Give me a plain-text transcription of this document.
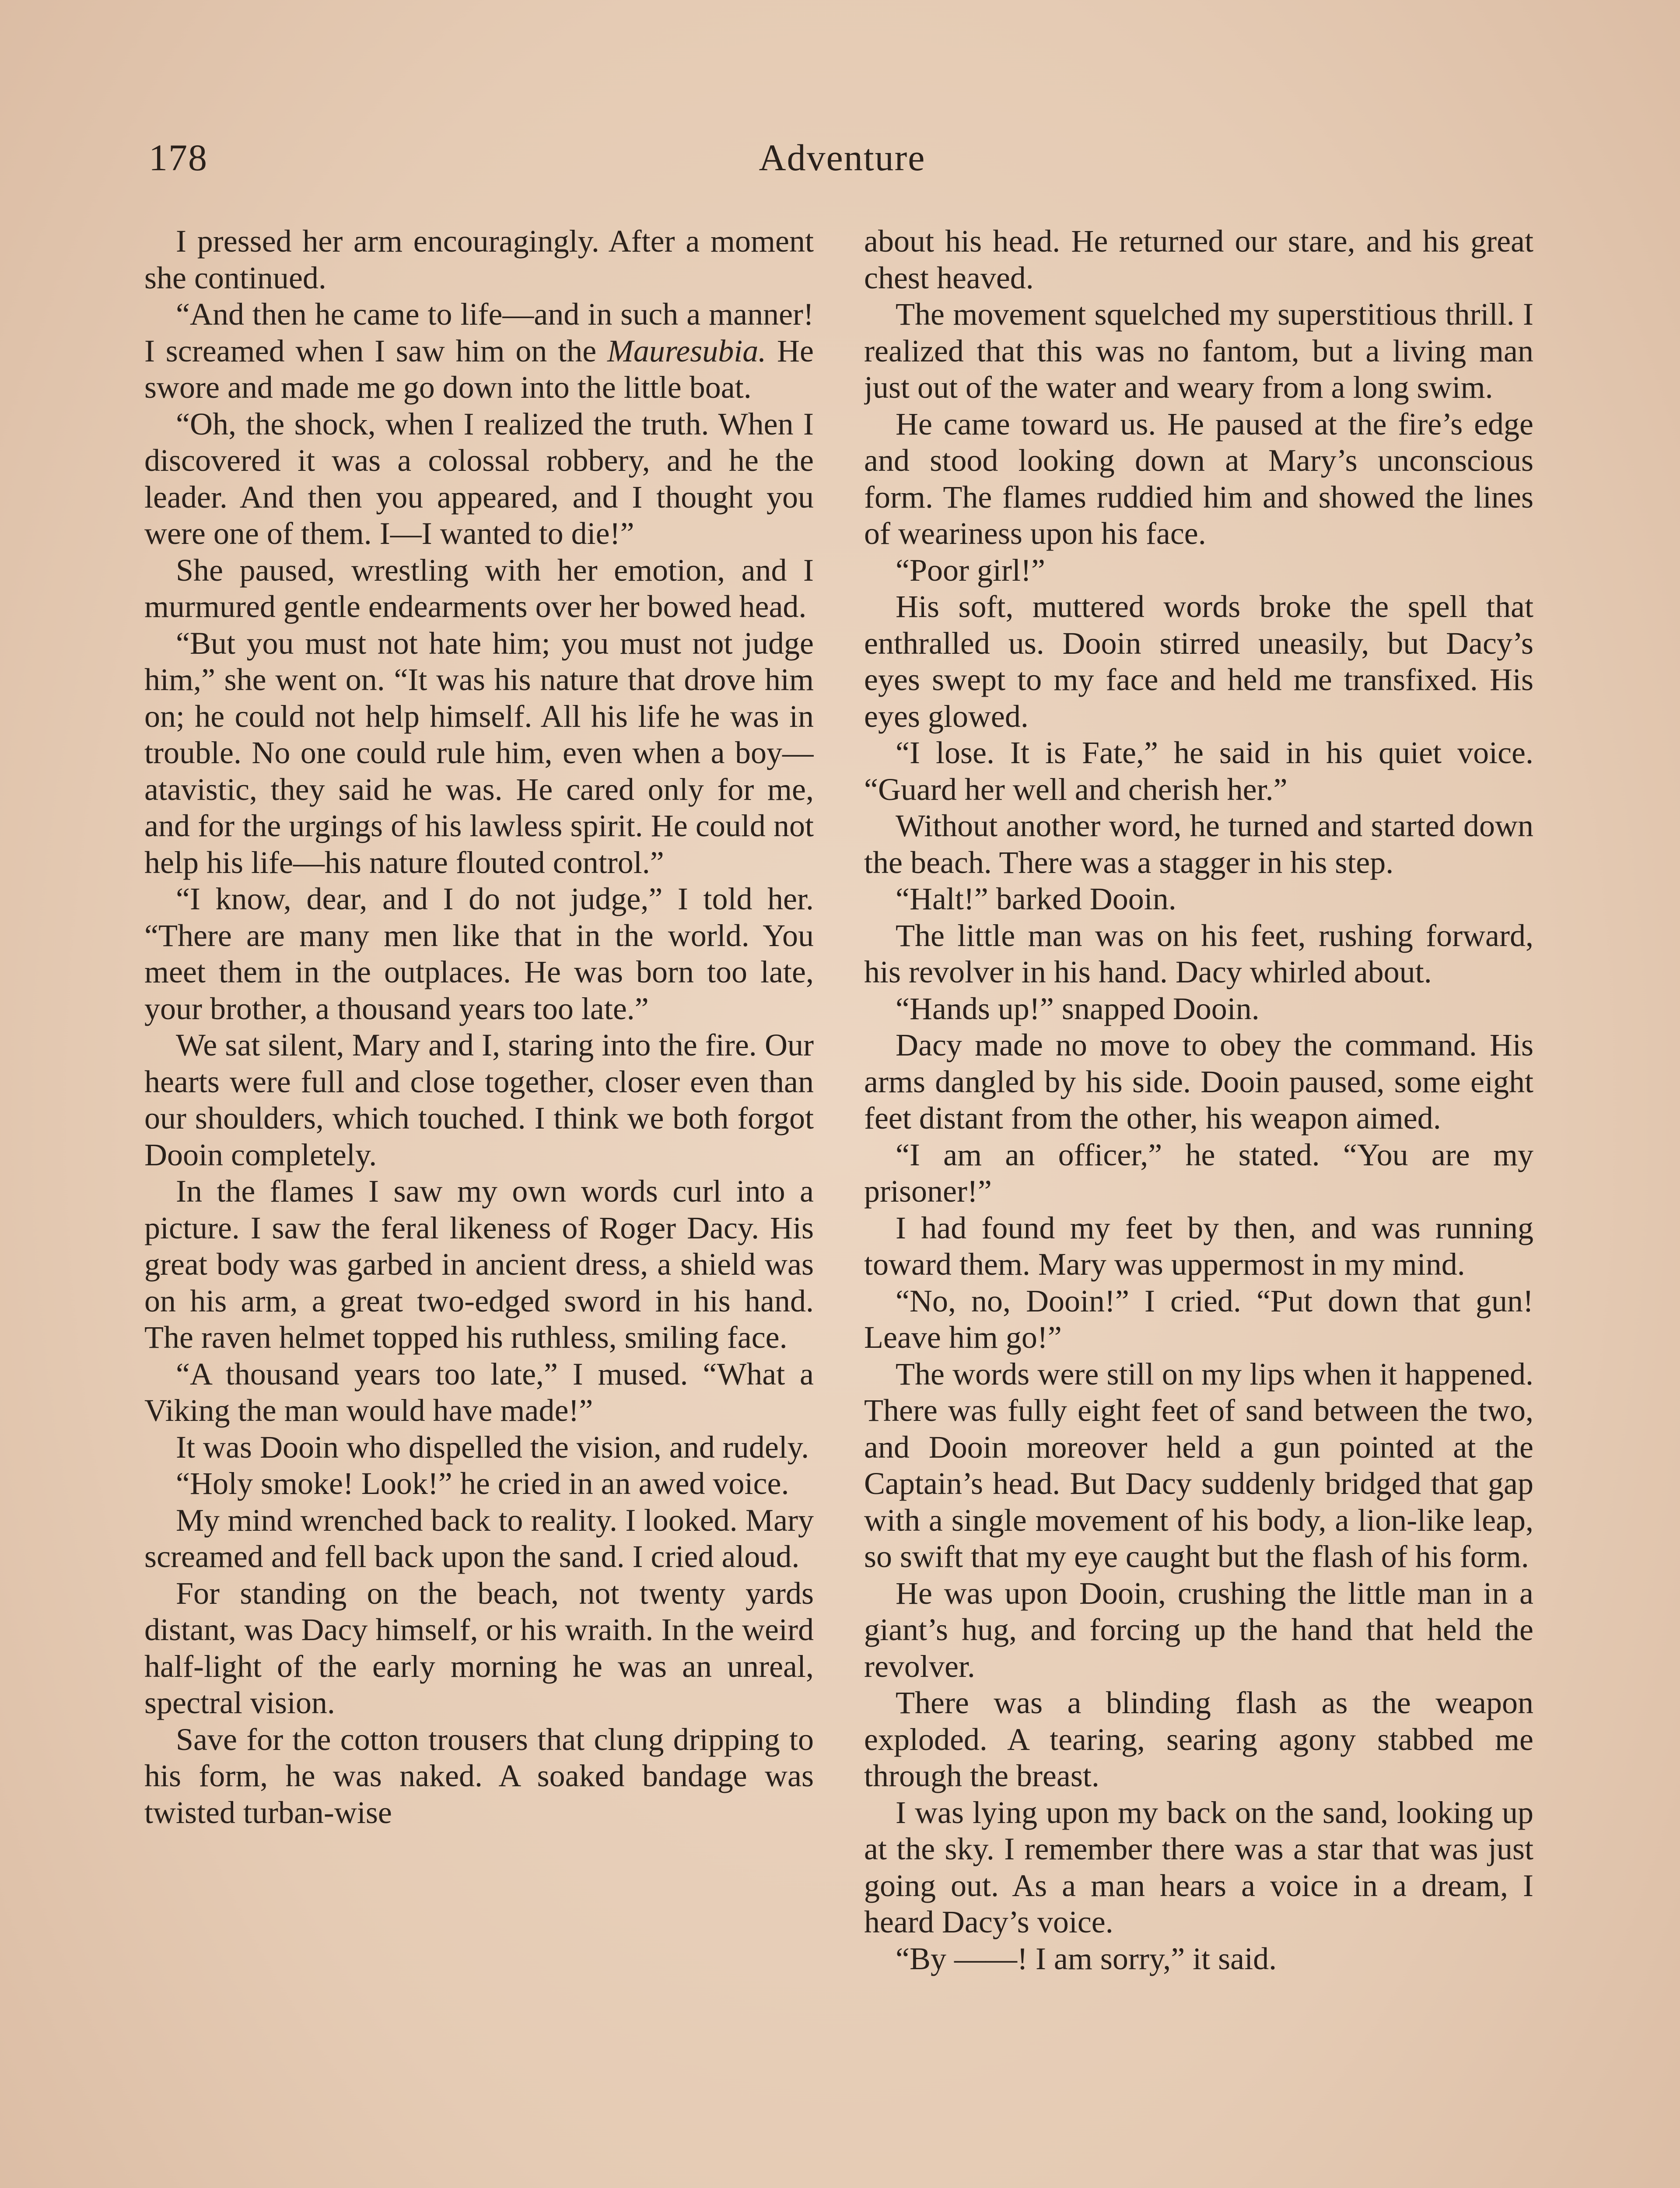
178	Adventure

I pressed her arm encouragingly. After a moment she continued.

“And then he came to life—and in such a manner! I screamed when I saw him on the Mauresubia. He swore and made me go down into the little boat.

“Oh, the shock, when I realized the truth. When I discovered it was a colossal robbery, and he the leader. And then you appeared, and I thought you were one of them. I—I wanted to die!”

She paused, wrestling with her emotion, and I murmured gentle endearments over her bowed head.

“But you must not hate him; you must not judge him,” she went on. “It was his nature that drove him on; he could not help himself. All his life he was in trouble. No one could rule him, even when a boy—atavistic, they said he was. He cared only for me, and for the urgings of his lawless spirit. He could not help his life—his nature flouted control.”

“I know, dear, and I do not judge,” I told her. “There are many men like that in the world. You meet them in the outplaces. He was born too late, your brother, a thousand years too late.”

We sat silent, Mary and I, staring into the fire. Our hearts were full and close together, closer even than our shoulders, which touched. I think we both forgot Dooin completely.

In the flames I saw my own words curl into a picture. I saw the feral likeness of Roger Dacy. His great body was garbed in ancient dress, a shield was on his arm, a great two-edged sword in his hand. The raven helmet topped his ruthless, smiling face.

“A thousand years too late,” I mused. “What a Viking the man would have made!”

It was Dooin who dispelled the vision, and rudely.

“Holy smoke! Look!” he cried in an awed voice.

My mind wrenched back to reality. I looked. Mary screamed and fell back upon the sand. I cried aloud.

For standing on the beach, not twenty yards distant, was Dacy himself, or his wraith. In the weird half-light of the early morning he was an unreal, spectral vision.

Save for the cotton trousers that clung dripping to his form, he was naked. A soaked bandage was twisted turban-wise

about his head. He returned our stare, and his great chest heaved.

The movement squelched my superstitious thrill. I realized that this was no fantom, but a living man just out of the water and weary from a long swim.

He came toward us. He paused at the fire’s edge and stood looking down at Mary’s unconscious form. The flames ruddied him and showed the lines of weariness upon his face.

“Poor girl!”

His soft, muttered words broke the spell that enthralled us. Dooin stirred uneasily, but Dacy’s eyes swept to my face and held me transfixed. His eyes glowed.

“I lose. It is Fate,” he said in his quiet voice. “Guard her well and cherish her.”

Without another word, he turned and started down the beach. There was a stagger in his step.

“Halt!” barked Dooin.

The little man was on his feet, rushing forward, his revolver in his hand. Dacy whirled about.

“Hands up!” snapped Dooin.

Dacy made no move to obey the command. His arms dangled by his side. Dooin paused, some eight feet distant from the other, his weapon aimed.

“I am an officer,” he stated. “You are my prisoner!”

I had found my feet by then, and was running toward them. Mary was uppermost in my mind.

“No, no, Dooin!” I cried. “Put down that gun! Leave him go!”

The words were still on my lips when it happened. There was fully eight feet of sand between the two, and Dooin moreover held a gun pointed at the Captain’s head. But Dacy suddenly bridged that gap with a single movement of his body, a lion-like leap, so swift that my eye caught but the flash of his form.

He was upon Dooin, crushing the little man in a giant’s hug, and forcing up the hand that held the revolver.

There was a blinding flash as the weapon exploded. A tearing, searing agony stabbed me through the breast.

I was lying upon my back on the sand, looking up at the sky. I remember there was a star that was just going out. As a man hears a voice in a dream, I heard Dacy’s voice.

“By ——! I am sorry,” it said.
